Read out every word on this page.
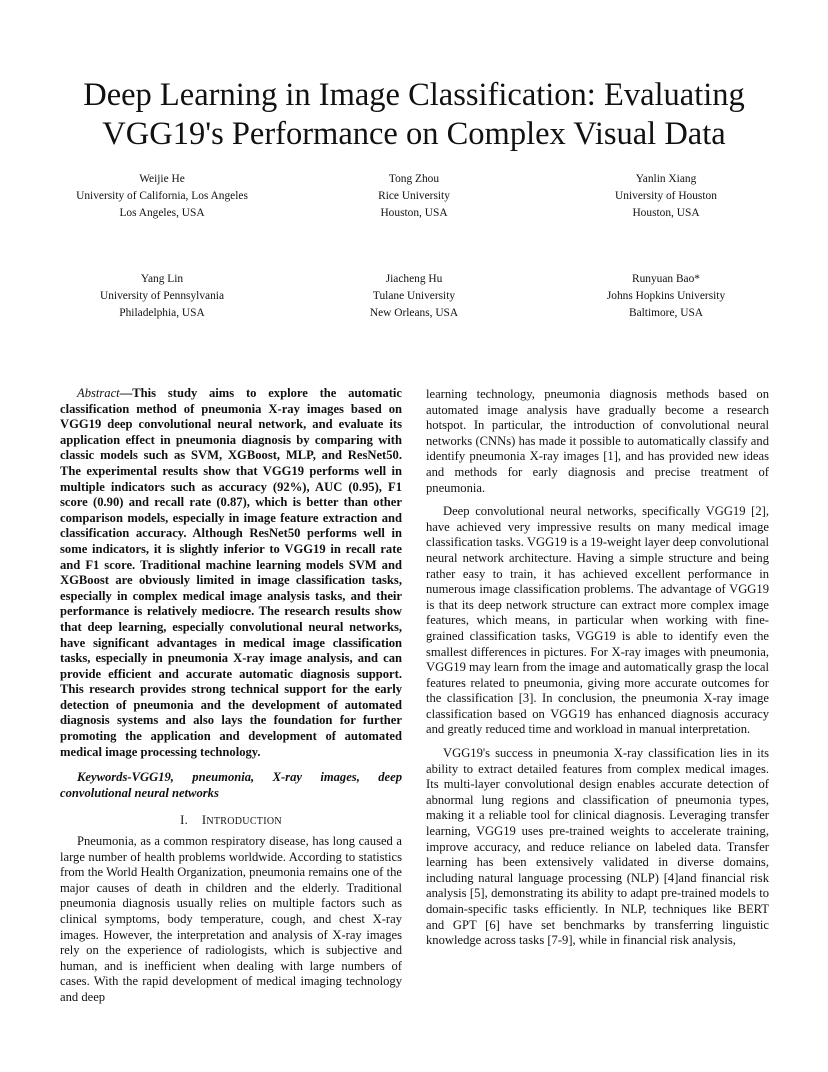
Deep Learning in Image Classification: Evaluating VGG19's Performance on Complex Visual Data
Weijie He
University of California, Los Angeles
Los Angeles, USA
Tong Zhou
Rice University
Houston, USA
Yanlin Xiang
University of Houston
Houston, USA
Yang Lin
University of Pennsylvania
Philadelphia, USA
Jiacheng Hu
Tulane University
New Orleans, USA
Runyuan Bao*
Johns Hopkins University
Baltimore, USA

Abstract—This study aims to explore the automatic classification method of pneumonia X-ray images based on VGG19 deep convolutional neural network, and evaluate its application effect in pneumonia diagnosis by comparing with classic models such as SVM, XGBoost, MLP, and ResNet50. The experimental results show that VGG19 performs well in multiple indicators such as accuracy (92%), AUC (0.95), F1 score (0.90) and recall rate (0.87), which is better than other comparison models, especially in image feature extraction and classification accuracy. Although ResNet50 performs well in some indicators, it is slightly inferior to VGG19 in recall rate and F1 score. Traditional machine learning models SVM and XGBoost are obviously limited in image classification tasks, especially in complex medical image analysis tasks, and their performance is relatively mediocre. The research results show that deep learning, especially convolutional neural networks, have significant advantages in medical image classification tasks, especially in pneumonia X-ray image analysis, and can provide efficient and accurate automatic diagnosis support. This research provides strong technical support for the early detection of pneumonia and the development of automated diagnosis systems and also lays the foundation for further promoting the application and development of automated medical image processing technology.

Keywords-VGG19, pneumonia, X-ray images, deep convolutional neural networks

I. INTRODUCTION

Pneumonia, as a common respiratory disease, has long caused a large number of health problems worldwide. According to statistics from the World Health Organization, pneumonia remains one of the major causes of death in children and the elderly. Traditional pneumonia diagnosis usually relies on multiple factors such as clinical symptoms, body temperature, cough, and chest X-ray images. However, the interpretation and analysis of X-ray images rely on the experience of radiologists, which is subjective and human, and is inefficient when dealing with large numbers of cases. With the rapid development of medical imaging technology and deep

learning technology, pneumonia diagnosis methods based on automated image analysis have gradually become a research hotspot. In particular, the introduction of convolutional neural networks (CNNs) has made it possible to automatically classify and identify pneumonia X-ray images [1], and has provided new ideas and methods for early diagnosis and precise treatment of pneumonia.

Deep convolutional neural networks, specifically VGG19 [2], have achieved very impressive results on many medical image classification tasks. VGG19 is a 19-weight layer deep convolutional neural network architecture. Having a simple structure and being rather easy to train, it has achieved excellent performance in numerous image classification problems. The advantage of VGG19 is that its deep network structure can extract more complex image features, which means, in particular when working with fine-grained classification tasks, VGG19 is able to identify even the smallest differences in pictures. For X-ray images with pneumonia, VGG19 may learn from the image and automatically grasp the local features related to pneumonia, giving more accurate outcomes for the classification [3]. In conclusion, the pneumonia X-ray image classification based on VGG19 has enhanced diagnosis accuracy and greatly reduced time and workload in manual interpretation.

VGG19's success in pneumonia X-ray classification lies in its ability to extract detailed features from complex medical images. Its multi-layer convolutional design enables accurate detection of abnormal lung regions and classification of pneumonia types, making it a reliable tool for clinical diagnosis. Leveraging transfer learning, VGG19 uses pre-trained weights to accelerate training, improve accuracy, and reduce reliance on labeled data. Transfer learning has been extensively validated in diverse domains, including natural language processing (NLP) [4]and financial risk analysis [5], demonstrating its ability to adapt pre-trained models to domain-specific tasks efficiently. In NLP, techniques like BERT and GPT [6] have set benchmarks by transferring linguistic knowledge across tasks [7-9], while in financial risk analysis,
